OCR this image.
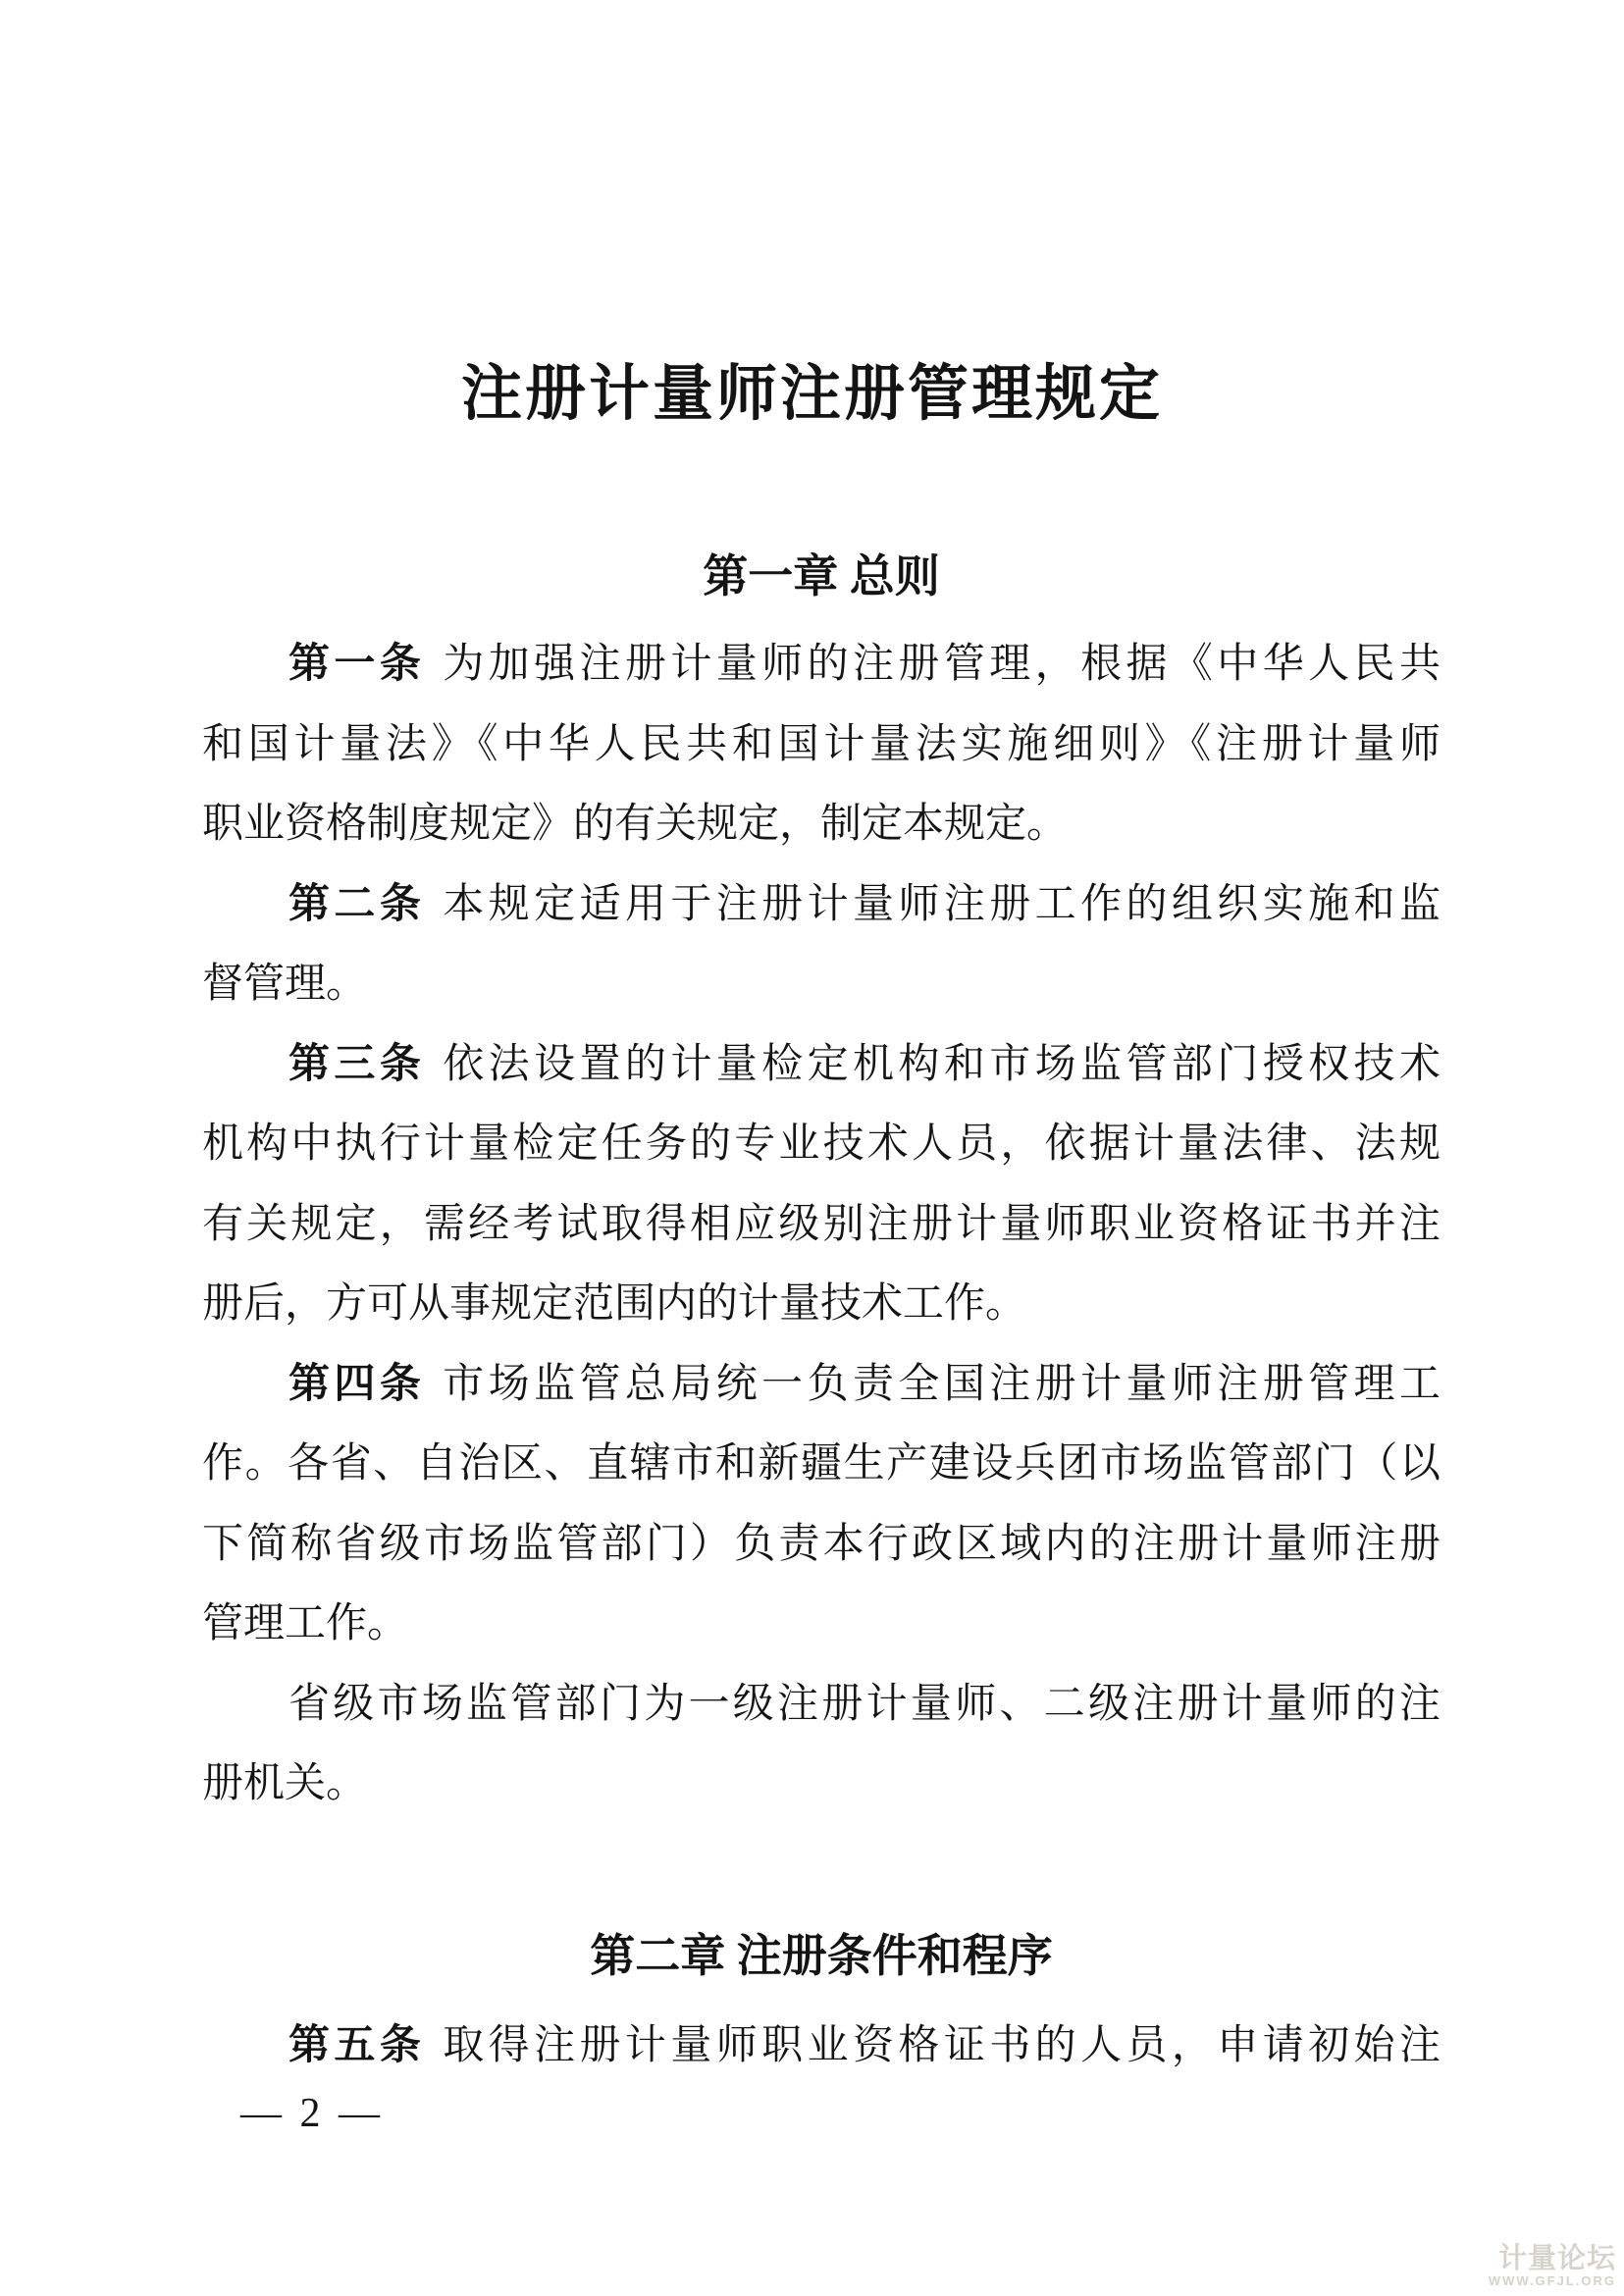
注册计量师注册管理规定
第一章 总则
第一条 为加强注册计量师的注册管理，根据《中华人民共
和国计量法》《中华人民共和国计量法实施细则》《注册计量师
职业资格制度规定》的有关规定，制定本规定。
第二条 本规定适用于注册计量师注册工作的组织实施和监
督管理。
第三条 依法设置的计量检定机构和市场监管部门授权技术
机构中执行计量检定任务的专业技术人员，依据计量法律、法规
有关规定，需经考试取得相应级别注册计量师职业资格证书并注
册后，方可从事规定范围内的计量技术工作。
第四条 市场监管总局统一负责全国注册计量师注册管理工
作。各省、自治区、直辖市和新疆生产建设兵团市场监管部门（以
下简称省级市场监管部门）负责本行政区域内的注册计量师注册
管理工作。
省级市场监管部门为一级注册计量师、二级注册计量师的注
册机关。
第二章 注册条件和程序
第五条 取得注册计量师职业资格证书的人员，申请初始注
— 2 —
计量论坛
WWW.GFJL.ORG
